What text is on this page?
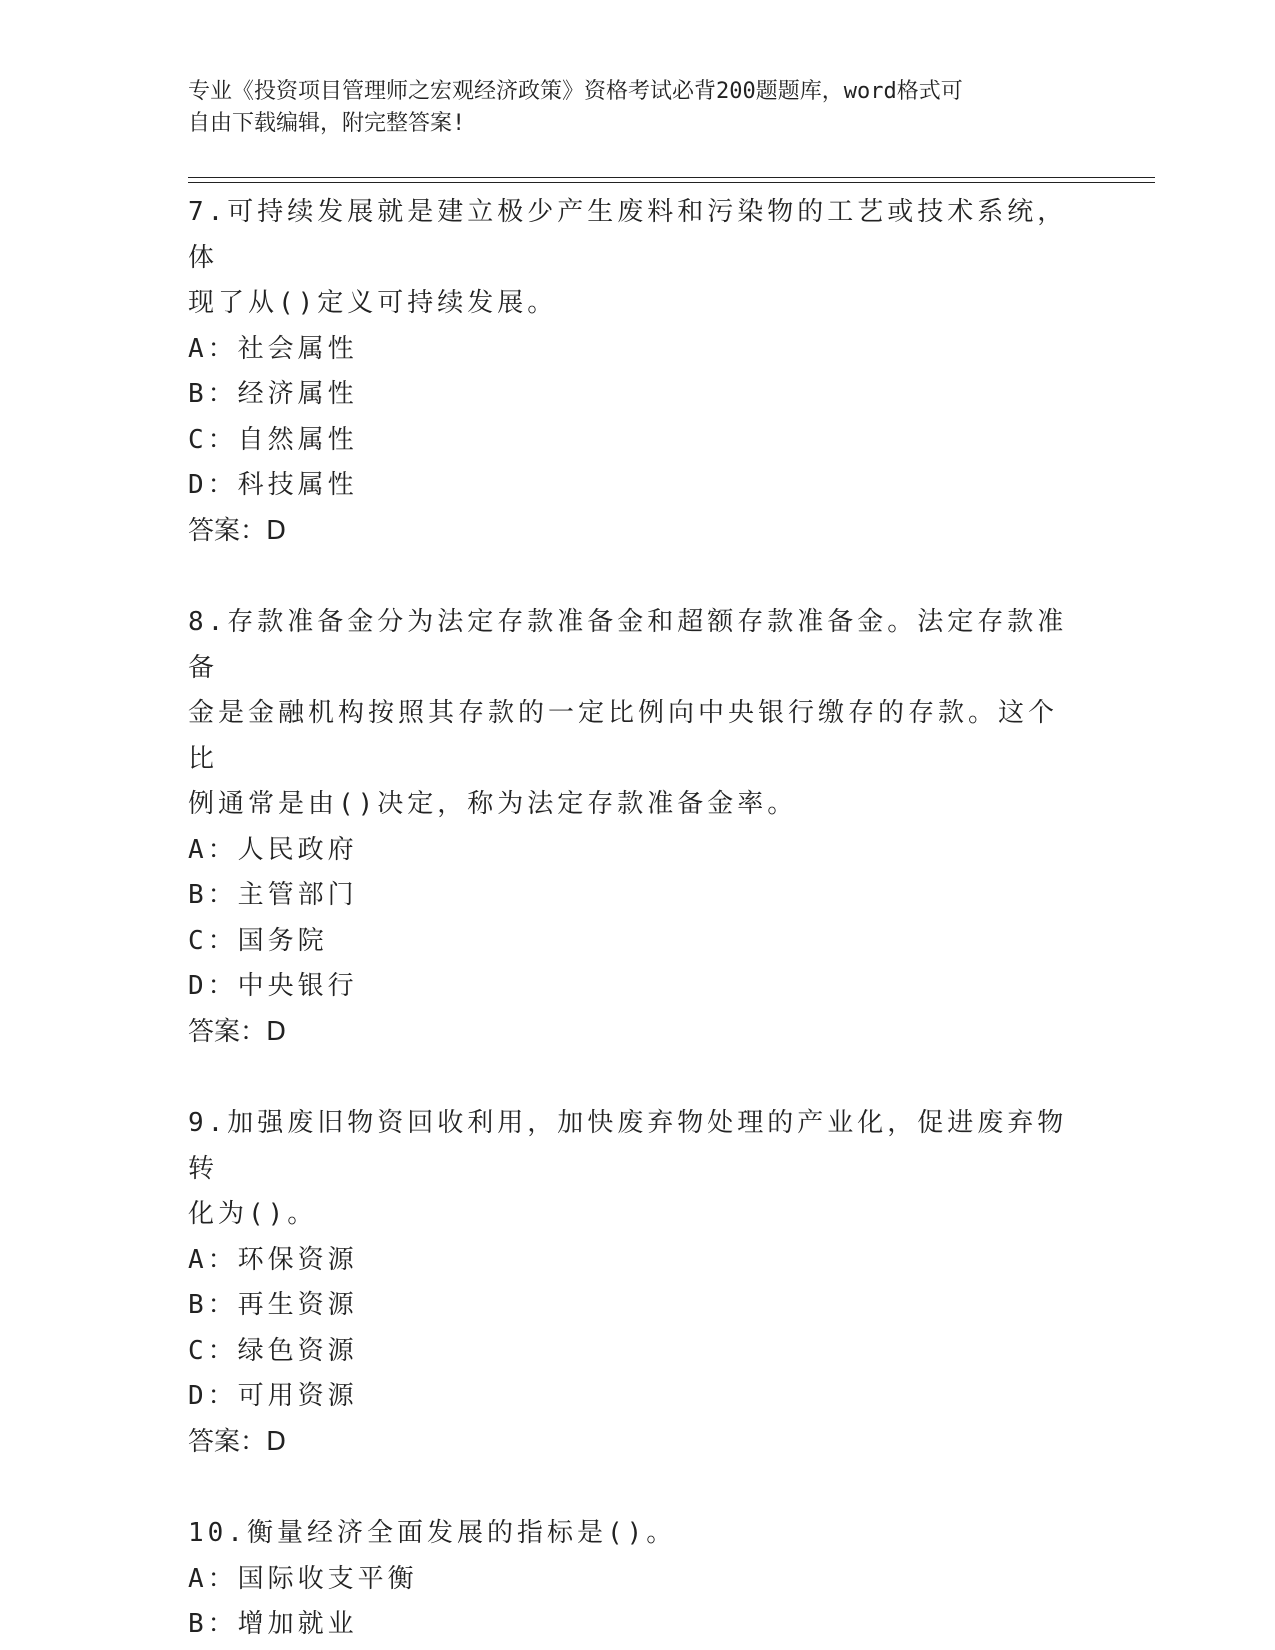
专业《投资项目管理师之宏观经济政策》资格考试必背200题题库，word格式可

自由下载编辑，附完整答案!

7.可持续发展就是建立极少产生废料和污染物的工艺或技术系统，体

现了从()定义可持续发展。

A：社会属性
B：经济属性
C：自然属性
D：科技属性

答案：D

8.存款准备金分为法定存款准备金和超额存款准备金。法定存款准备

金是金融机构按照其存款的一定比例向中央银行缴存的存款。这个比

例通常是由()决定，称为法定存款准备金率。

A：人民政府
B：主管部门
C：国务院
D：中央银行

答案：D

9.加强废旧物资回收利用，加快废弃物处理的产业化，促进废弃物转

化为()。

A：环保资源
B：再生资源
C：绿色资源
D：可用资源

答案：D

10.衡量经济全面发展的指标是()。

A：国际收支平衡
B：增加就业
